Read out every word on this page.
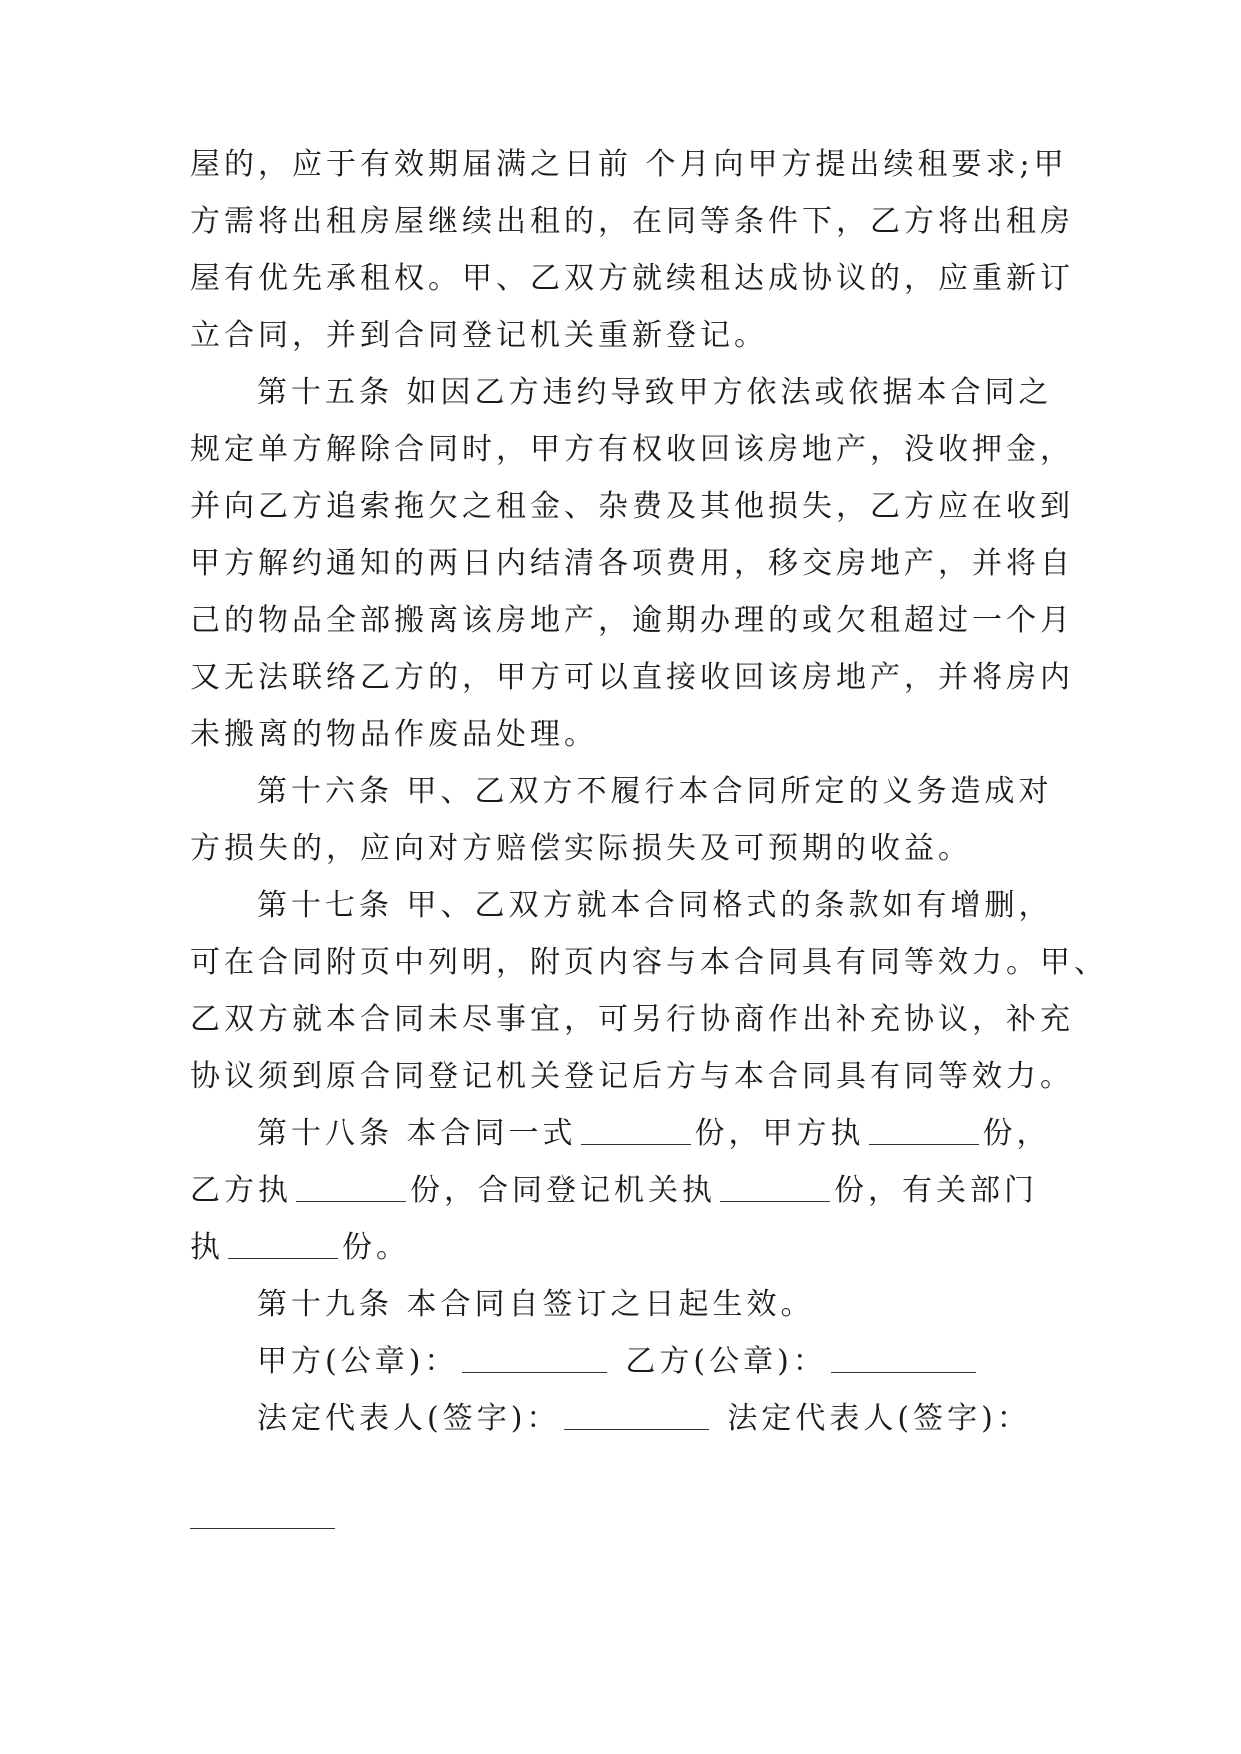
屋的，应于有效期届满之日前 个月向甲方提出续租要求;甲
方需将出租房屋继续出租的，在同等条件下，乙方将出租房
屋有优先承租权。甲、乙双方就续租达成协议的，应重新订
立合同，并到合同登记机关重新登记。
第十五条 如因乙方违约导致甲方依法或依据本合同之
规定单方解除合同时，甲方有权收回该房地产，没收押金，
并向乙方追索拖欠之租金、杂费及其他损失，乙方应在收到
甲方解约通知的两日内结清各项费用，移交房地产，并将自
己的物品全部搬离该房地产，逾期办理的或欠租超过一个月
又无法联络乙方的，甲方可以直接收回该房地产，并将房内
未搬离的物品作废品处理。
第十六条 甲、乙双方不履行本合同所定的义务造成对
方损失的，应向对方赔偿实际损失及可预期的收益。
第十七条 甲、乙双方就本合同格式的条款如有增删，
可在合同附页中列明，附页内容与本合同具有同等效力。甲、
乙双方就本合同未尽事宜，可另行协商作出补充协议，补充
协议须到原合同登记机关登记后方与本合同具有同等效力。
第十八条 本合同一式	份，甲方执	份，
乙方执	份，合同登记机关执	份，有关部门
执	份。
第十九条 本合同自签订之日起生效。
甲方(公章)：	乙方(公章)：
法定代表人(签字)：	法定代表人(签字)：
